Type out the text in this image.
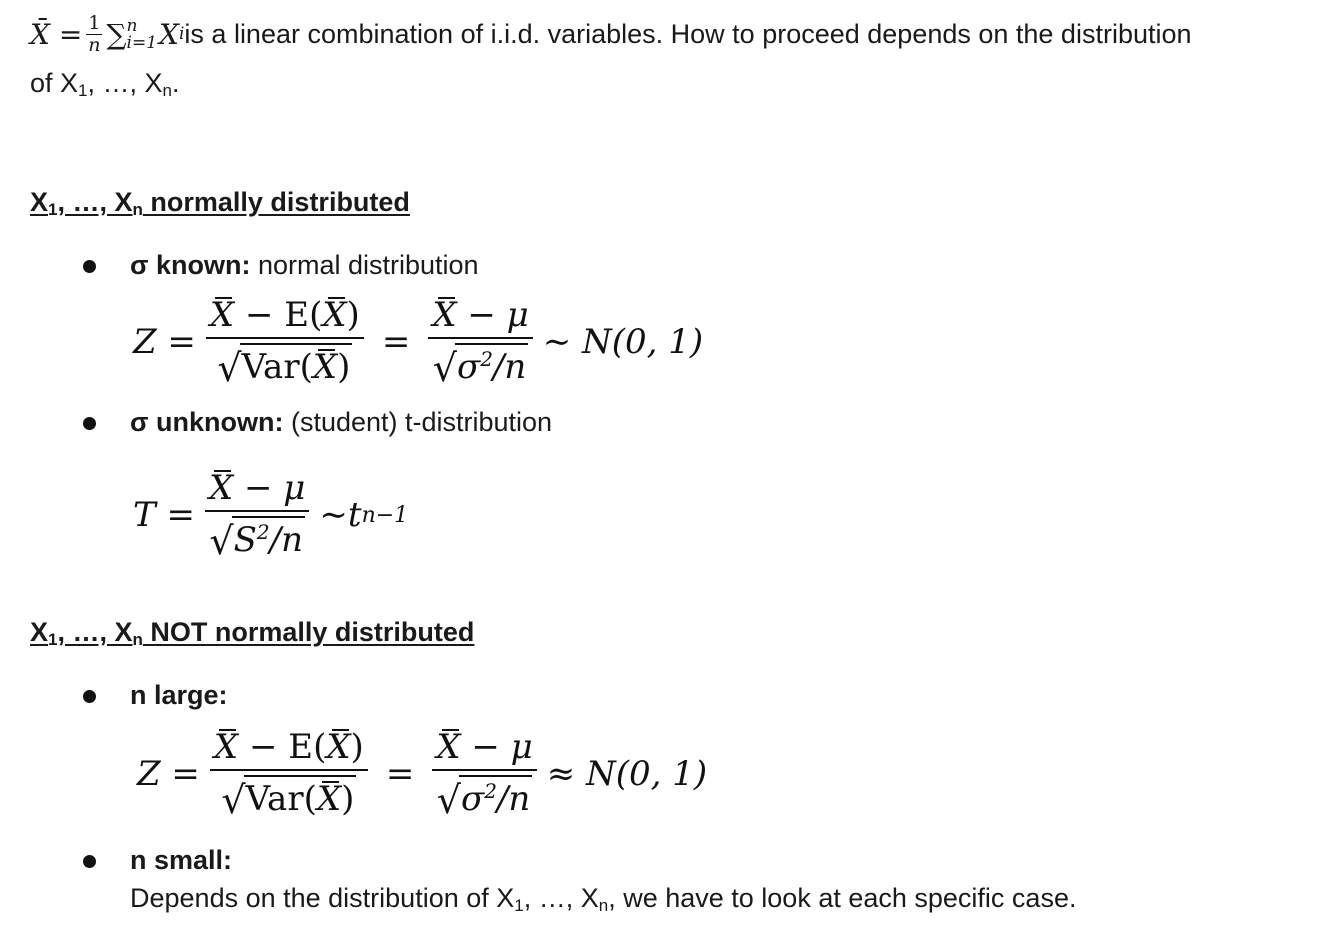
X̄ = $\frac{1}{n}$ ∑ n
i=1 X i is a linear combination of i.i.d. variables. How to proceed depends on the distribution
of $X_1$, …, $X_n$.
$X_1$, …, $X_n$ normally distributed
σ known: normal distribution
$Z = \frac{X - E(X)}{\text{√ Var(X)}} = \frac{X - \mu}{√ \sigma^2/n}$ ∼ N(0, 1)
σ unknown: (student) t-distribution
$T = \frac{X - \mu}{√ S^2/n}$ ∼ t n−1
$X_1$, …, $X_n$ NOT normally distributed
n large:
$Z = \frac{X - E(X)}{\text{√ Var(X)}} = \frac{X - \mu}{√ \sigma^2/n} \approx N(0$, 1)
n small:
Depends on the distribution of $X_1$, …, $X_n$, we have to look at each specific case.
